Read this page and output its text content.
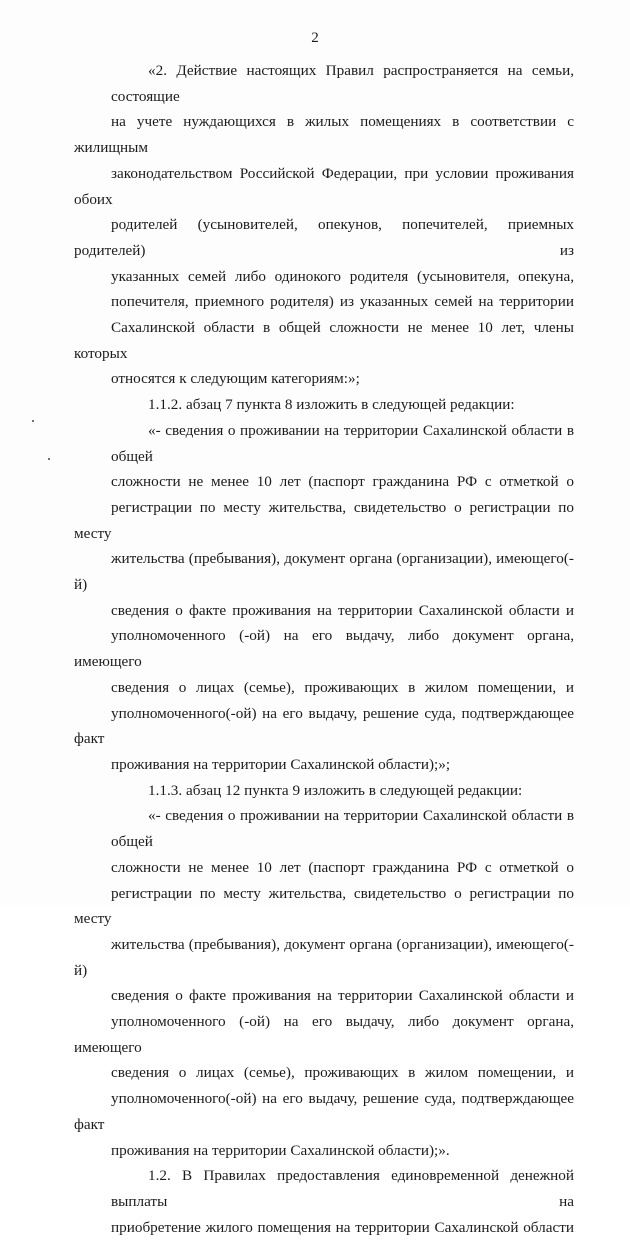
2
«2. Действие настоящих Правил распространяется на семьи, состоящие
на учете нуждающихся в жилых помещениях в соответствии с жилищным
законодательством Российской Федерации, при условии проживания обоих
родителей (усыновителей, опекунов, попечителей, приемных родителей) из
указанных семей либо одинокого родителя (усыновителя, опекуна,
попечителя, приемного родителя) из указанных семей на территории
Сахалинской области в общей сложности не менее 10 лет, члены которых
относятся к следующим категориям:»;
1.1.2. абзац 7 пункта 8 изложить в следующей редакции:
«- сведения о проживании на территории Сахалинской области в общей
сложности не менее 10 лет (паспорт гражданина РФ с отметкой о
регистрации по месту жительства, свидетельство о регистрации по месту
жительства (пребывания), документ органа (организации), имеющего(-й)
сведения о факте проживания на территории Сахалинской области и
уполномоченного (-ой) на его выдачу, либо документ органа, имеющего
сведения о лицах (семье), проживающих в жилом помещении, и
уполномоченного(-ой) на его выдачу, решение суда, подтверждающее факт
проживания на территории Сахалинской области);»;
1.1.3. абзац 12 пункта 9 изложить в следующей редакции:
«- сведения о проживании на территории Сахалинской области в общей
сложности не менее 10 лет (паспорт гражданина РФ с отметкой о
регистрации по месту жительства, свидетельство о регистрации по месту
жительства (пребывания), документ органа (организации), имеющего(-й)
сведения о факте проживания на территории Сахалинской области и
уполномоченного (-ой) на его выдачу, либо документ органа, имеющего
сведения о лицах (семье), проживающих в жилом помещении, и
уполномоченного(-ой) на его выдачу, решение суда, подтверждающее факт
проживания на территории Сахалинской области);».
1.2. В Правилах предоставления единовременной денежной выплаты на
приобретение жилого помещения на территории Сахалинской области
